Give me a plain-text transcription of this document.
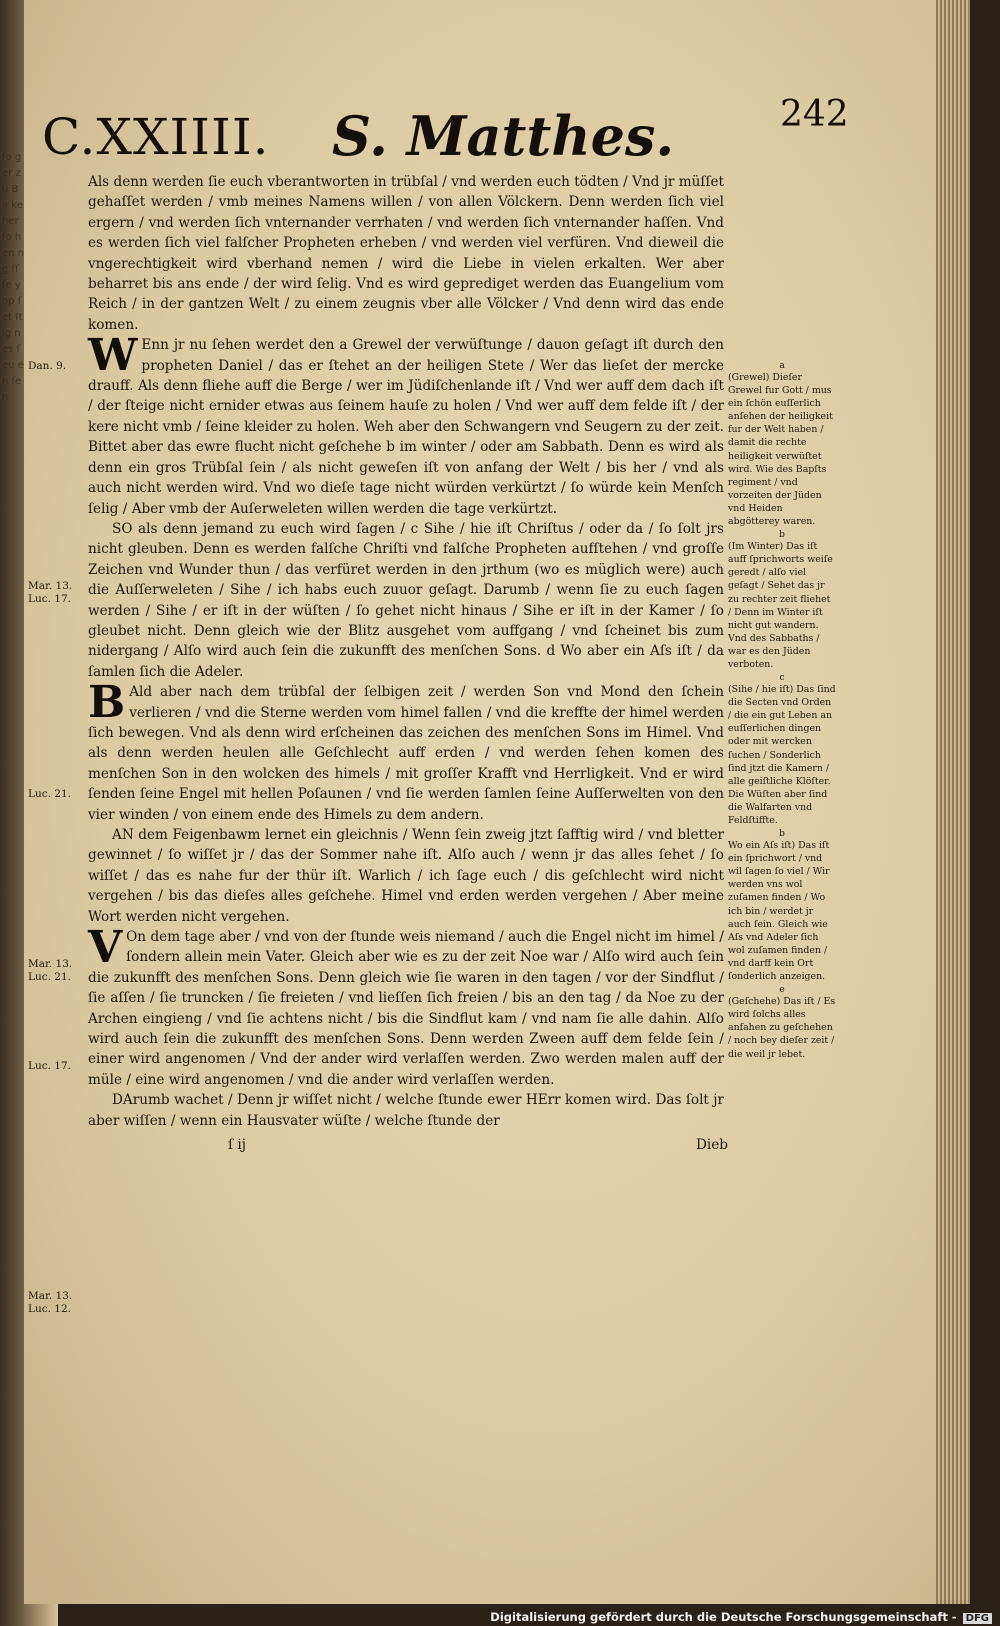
ſo ger zu Ba ke her ſo hen ng ſſ ſe yop ſet ſtig nes ſeu en ſen
C.XXIIII. S. Matthes.	242
Dan. 9.
Mar. 13. Luc. 17.
Luc. 21.
Mar. 13. Luc. 21.
Luc. 17.
Mar. 13. Luc. 12.

Als denn werden ſie euch vberantworten in trübſal / vnd werden euch tödten / Vnd jr müſſet gehaſſet werden / vmb meines Namens willen / von allen Völckern. Denn werden ſich viel ergern / vnd werden ſich vnternander verrhaten / vnd werden ſich vnternander haſſen. Vnd es werden ſich viel falſcher Propheten erheben / vnd werden viel verfüren. Vnd dieweil die vngerechtigkeit wird vberhand nemen / wird die Liebe in vielen erkalten. Wer aber beharret bis ans ende / der wird ſelig. Vnd es wird geprediget werden das Euangelium vom Reich / in der gantzen Welt / zu einem zeugnis vber alle Völcker / Vnd denn wird das ende komen.

W Enn jr nu ſehen werdet den a Grewel der verwüſtunge / dauon geſagt iſt durch den propheten Daniel / das er ſtehet an der heiligen Stete / Wer das lieſet der mercke drauff. Als denn fliehe auff die Berge / wer im Jüdiſchenlande iſt / Vnd wer auff dem dach iſt / der ſteige nicht ernider etwas aus ſeinem hauſe zu holen / Vnd wer auff dem felde iſt / der kere nicht vmb / ſeine kleider zu holen. Weh aber den Schwangern vnd Seugern zu der zeit. Bittet aber das ewre flucht nicht geſchehe b im winter / oder am Sabbath. Denn es wird als denn ein gros Trübſal ſein / als nicht geweſen iſt von anfang der Welt / bis her / vnd als auch nicht werden wird. Vnd wo dieſe tage nicht würden verkürtzt / ſo würde kein Menſch ſelig / Aber vmb der Auſerweleten willen werden die tage verkürtzt.

SO als denn jemand zu euch wird ſagen / c Sihe / hie iſt Chriſtus / oder da / ſo ſolt jrs nicht gleuben. Denn es werden falſche Chriſti vnd falſche Propheten aufſtehen / vnd groſſe Zeichen vnd Wunder thun / das verfüret werden in den jrthum (wo es müglich were) auch die Auſſerweleten / Sihe / ich habs euch zuuor geſagt. Darumb / wenn ſie zu euch ſagen werden / Sihe / er iſt in der wüſten / ſo gehet nicht hinaus / Sihe er iſt in der Kamer / ſo gleubet nicht. Denn gleich wie der Blitz ausgehet vom auffgang / vnd ſcheinet bis zum nidergang / Alſo wird auch ſein die zukunfft des menſchen Sons. d Wo aber ein Aſs iſt / da ſamlen ſich die Adeler.

B Ald aber nach dem trübſal der ſelbigen zeit / werden Son vnd Mond den ſchein verlieren / vnd die Sterne werden vom himel fallen / vnd die kreffte der himel werden ſich bewegen. Vnd als denn wird erſcheinen das zeichen des menſchen Sons im Himel. Vnd als denn werden heulen alle Geſchlecht auff erden / vnd werden ſehen komen des menſchen Son in den wolcken des himels / mit groſſer Krafft vnd Herrligkeit. Vnd er wird ſenden ſeine Engel mit hellen Poſaunen / vnd ſie werden ſamlen ſeine Auſſerwelten von den vier winden / von einem ende des Himels zu dem andern.

AN dem Feigenbawm lernet ein gleichnis / Wenn ſein zweig jtzt ſafftig wird / vnd bletter gewinnet / ſo wiſſet jr / das der Sommer nahe iſt. Alſo auch / wenn jr das alles ſehet / ſo wiſſet / das es nahe fur der thür iſt. Warlich / ich ſage euch / dis geſchlecht wird nicht vergehen / bis das dieſes alles geſchehe. Himel vnd erden werden vergehen / Aber meine Wort werden nicht vergehen.

V On dem tage aber / vnd von der ſtunde weis niemand / auch die Engel nicht im himel / ſondern allein mein Vater. Gleich aber wie es zu der zeit Noe war / Alſo wird auch ſein die zukunfft des menſchen Sons. Denn gleich wie ſie waren in den tagen / vor der Sindflut / ſie aſſen / ſie truncken / ſie freieten / vnd lieſſen ſich freien / bis an den tag / da Noe zu der Archen eingieng / vnd ſie achtens nicht / bis die Sindflut kam / vnd nam ſie alle dahin. Alſo wird auch ſein die zukunfft des menſchen Sons. Denn werden Zween auff dem felde ſein / einer wird angenomen / Vnd der ander wird verlaſſen werden. Zwo werden malen auff der müle / eine wird angenomen / vnd die ander wird verlaſſen werden.

DArumb wachet / Denn jr wiſſet nicht / welche ſtunde ewer HErr komen wird. Das ſolt jr aber wiſſen / wenn ein Hausvater wüſte / welche ſtunde der

ſ ij	Dieb
a

(Grewel) Dieſer Grewel fur Gott / mus ein ſchön euſſerlich anſehen der heiligkeit fur der Welt haben / damit die rechte heiligkeit verwüſtet wird. Wie des Bapſts regiment / vnd vorzeiten der Jüden vnd Heiden abgötterey waren.

b

(Im Winter) Das iſt auff ſprichworts weiſe geredt / alſo viel geſagt / Sehet das jr zu rechter zeit fliehet / Denn im Winter iſt nicht gut wandern. Vnd des Sabbaths / war es den Jüden verboten.

c

(Sihe / hie iſt) Das ſind die Secten vnd Orden / die ein gut Leben an euſſerlichen dingen oder mit wercken ſuchen / Sonderlich ſind jtzt die Kamern / alle geiſtliche Klöſter. Die Wüſten aber ſind die Walfarten vnd Feldſtiffte.

b

Wo ein Aſs iſt) Das iſt ein ſprichwort / vnd wil ſagen ſo viel / Wir werden vns wol zuſamen finden / Wo ich bin / werdet jr auch ſein. Gleich wie Aſs vnd Adeler ſich wol zuſamen finden / vnd darff kein Ort ſonderlich anzeigen.

e

(Geſchehe) Das iſt / Es wird ſolchs alles anfahen zu geſchehen / noch bey dieſer zeit / die weil jr lebet.

Digitalisierung gefördert durch die Deutsche Forschungsgemeinschaft - DFG
